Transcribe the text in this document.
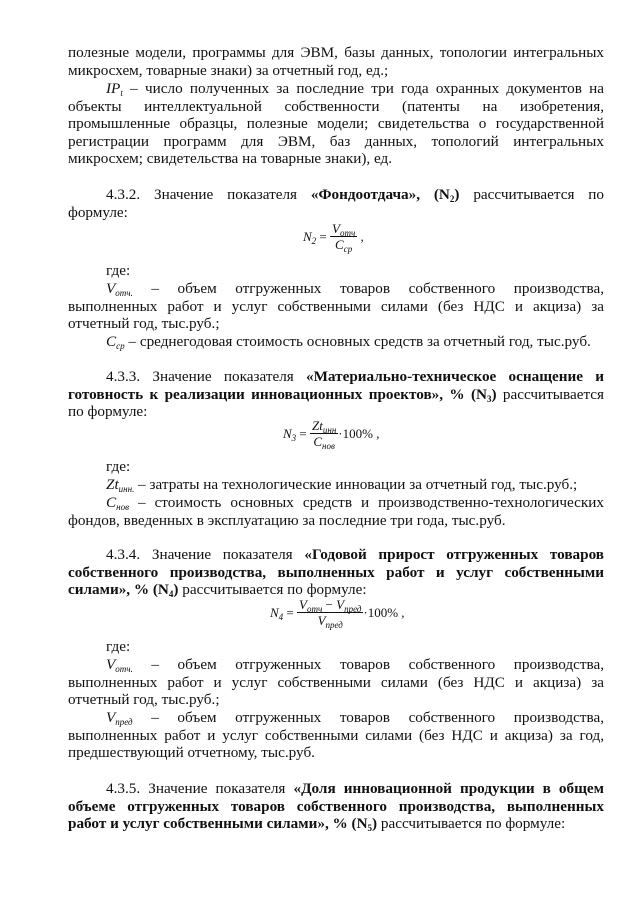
полезные модели, программы для ЭВМ, базы данных, топологии интегральных микросхем, товарные знаки) за отчетный год, ед.;

$IP_t$ – число полученных за последние три года охранных документов на объекты интеллектуальной собственности (патенты на изобретения, промышленные образцы, полезные модели; свидетельства о государственной регистрации программ для ЭВМ, баз данных, топологий интегральных микросхем; свидетельства на товарные знаки), ед.

4.3.2. Значение показателя «Фондоотдача», $(N_2)$ рассчитывается по формуле:

$N_2 = \frac{V_{отч}}{C_{ср}}$ ,

где:

$V_{отч.}$ – объем отгруженных товаров собственного производства, выполненных работ и услуг собственными силами (без НДС и акциза) за отчетный год, тыс.руб.;

$C_{ср}$ – среднегодовая стоимость основных средств за отчетный год, тыс.руб.

4.3.3. Значение показателя «Материально-техническое оснащение и готовность к реализации инновационных проектов», % $(N_3)$ рассчитывается по формуле:

$N_3 = \frac{Zt_{инн}}{C_{нов}} \cdot 100\%$ ,

где:

$Zt_{инн.}$ – затраты на технологические инновации за отчетный год, тыс.руб.;

$C_{нов}$ – стоимость основных средств и производственно-технологических фондов, введенных в эксплуатацию за последние три года, тыс.руб.

4.3.4. Значение показателя «Годовой прирост отгруженных товаров собственного производства, выполненных работ и услуг собственными силами», % $(N_4)$ рассчитывается по формуле:

$N_4 = \frac{V_{отч} - V_{пред}}{V_{пред}} \cdot 100\%$ ,

где:

$V_{отч.}$ – объем отгруженных товаров собственного производства, выполненных работ и услуг собственными силами (без НДС и акциза) за отчетный год, тыс.руб.;

$V_{пред}$ – объем отгруженных товаров собственного производства, выполненных работ и услуг собственными силами (без НДС и акциза) за год, предшествующий отчетному, тыс.руб.

4.3.5. Значение показателя «Доля инновационной продукции в общем объеме отгруженных товаров собственного производства, выполненных работ и услуг собственными силами», % $(N_5)$ рассчитывается по формуле:
